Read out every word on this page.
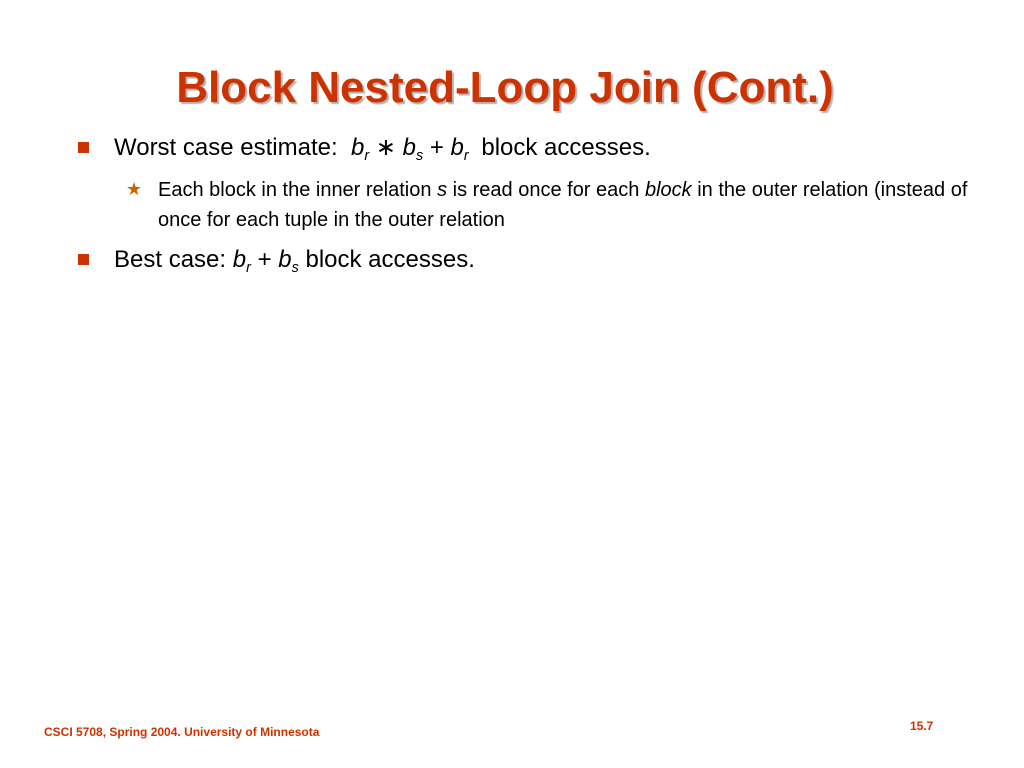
Block Nested-Loop Join (Cont.)
Worst case estimate: $b_r$ ∗ $b_s + b_r$ block accesses.
★ Each block in the inner relation s is read once for each block in the outer relation (instead of once for each tuple in the outer relation
Best case: $b_r + b_s$ block accesses.
CSCI 5708, Spring 2004. University of Minnesota	15.7
